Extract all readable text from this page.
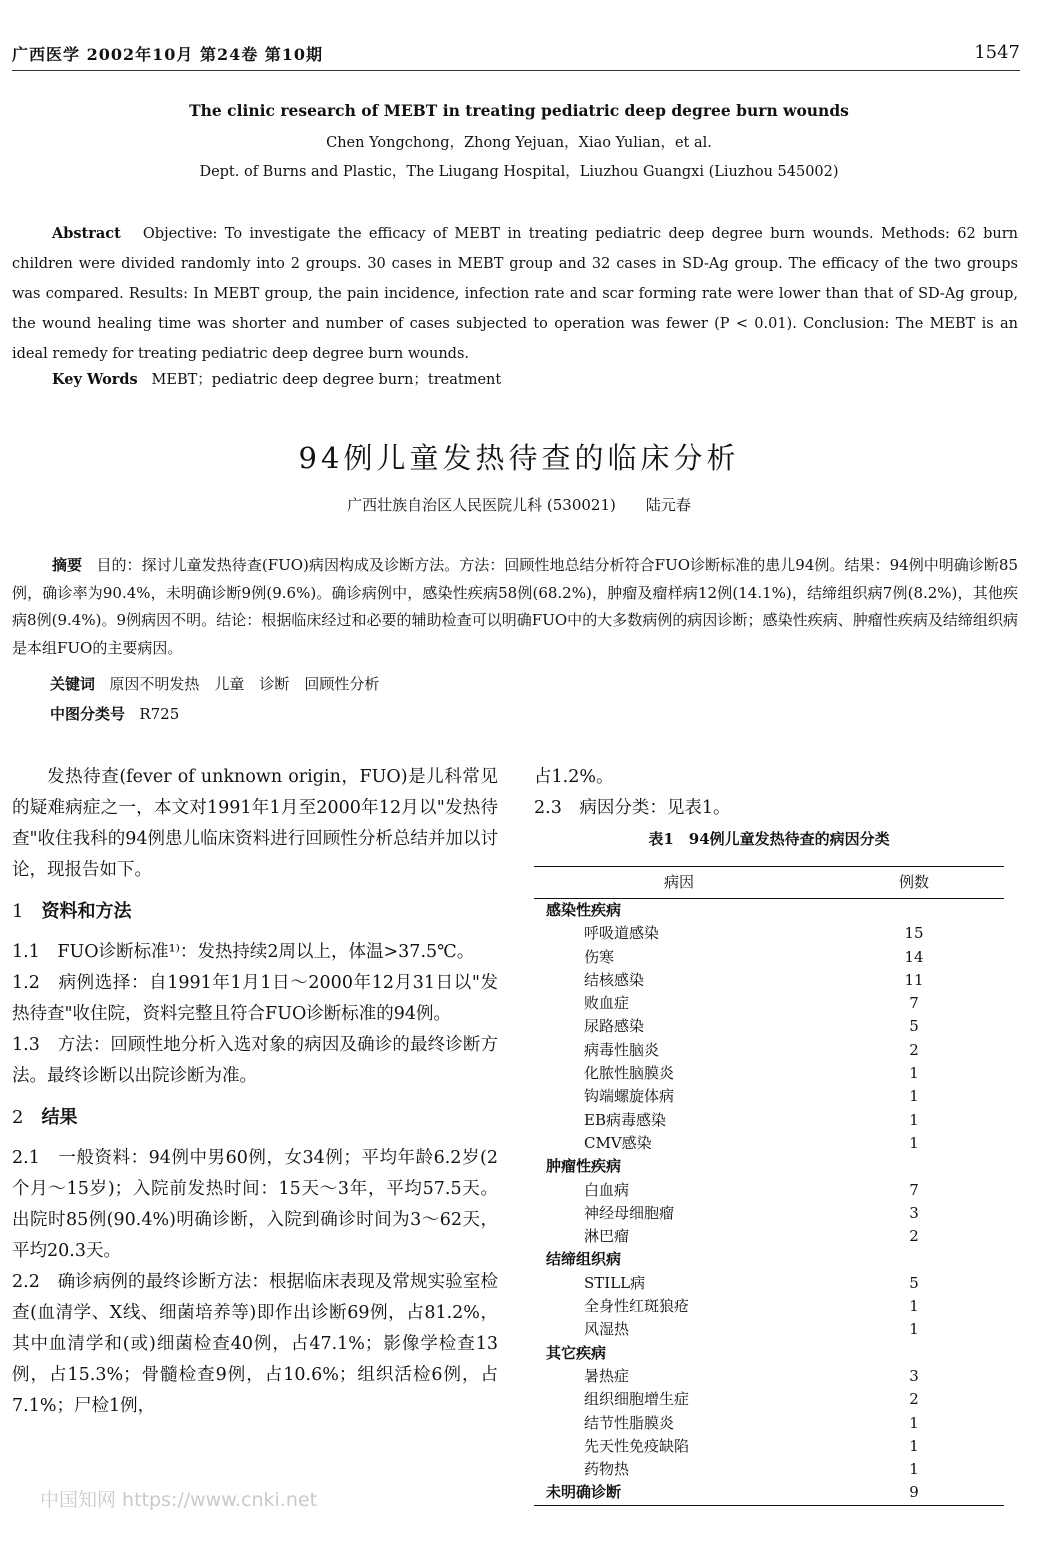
广西医学 2002年10月 第24卷 第10期	1547
The clinic research of MEBT in treating pediatric deep degree burn wounds
Chen Yongchong，Zhong Yejuan，Xiao Yulian，et al.
Dept. of Burns and Plastic，The Liugang Hospital，Liuzhou Guangxi (Liuzhou 545002)
Abstract Objective: To investigate the efficacy of MEBT in treating pediatric deep degree burn wounds. Methods: 62 burn children were divided randomly into 2 groups. 30 cases in MEBT group and 32 cases in SD-Ag group. The efficacy of the two groups was compared. Results: In MEBT group, the pain incidence, infection rate and scar forming rate were lower than that of SD-Ag group, the wound healing time was shorter and number of cases subjected to operation was fewer (P < 0.01). Conclusion: The MEBT is an ideal remedy for treating pediatric deep degree burn wounds.
Key Words MEBT；pediatric deep degree burn；treatment
94例儿童发热待查的临床分析
广西壮族自治区人民医院儿科 (530021)　　陆元春
摘要 目的：探讨儿童发热待查(FUO)病因构成及诊断方法。方法：回顾性地总结分析符合FUO诊断标准的患儿94例。结果：94例中明确诊断85例，确诊率为90.4%，未明确诊断9例(9.6%)。确诊病例中，感染性疾病58例(68.2%)，肿瘤及瘤样病12例(14.1%)，结缔组织病7例(8.2%)，其他疾病8例(9.4%)。9例病因不明。结论：根据临床经过和必要的辅助检查可以明确FUO中的大多数病例的病因诊断；感染性疾病、肿瘤性疾病及结缔组织病是本组FUO的主要病因。
关键词 原因不明发热　儿童　诊断　回顾性分析
中图分类号 R725

发热待查(fever of unknown origin，FUO)是儿科常见的疑难病症之一，本文对1991年1月至2000年12月以"发热待查"收住我科的94例患儿临床资料进行回顾性分析总结并加以讨论，现报告如下。

1 资料和方法

1.1　FUO诊断标准¹⁾：发热持续2周以上，体温>37.5℃。

1.2　病例选择：自1991年1月1日～2000年12月31日以"发热待查"收住院，资料完整且符合FUO诊断标准的94例。

1.3　方法：回顾性地分析入选对象的病因及确诊的最终诊断方法。最终诊断以出院诊断为准。

2 结果

2.1　一般资料：94例中男60例，女34例；平均年龄6.2岁(2个月～15岁)；入院前发热时间：15天～3年，平均57.5天。出院时85例(90.4%)明确诊断，入院到确诊时间为3～62天，平均20.3天。

2.2　确诊病例的最终诊断方法：根据临床表现及常规实验室检查(血清学、X线、细菌培养等)即作出诊断69例，占81.2%，其中血清学和(或)细菌检查40例，占47.1%；影像学检查13例，占15.3%；骨髓检查9例，占10.6%；组织活检6例，占7.1%；尸检1例，

占1.2%。

2.3　病因分类：见表1。

表1　94例儿童发热待查的病因分类
病因	例数
感染性疾病
呼吸道感染	15
伤寒	14
结核感染	11
败血症	7
尿路感染	5
病毒性脑炎	2
化脓性脑膜炎	1
钩端螺旋体病	1
EB病毒感染	1
CMV感染	1
肿瘤性疾病
白血病	7
神经母细胞瘤	3
淋巴瘤	2
结缔组织病
STILL病	5
全身性红斑狼疮	1
风湿热	1
其它疾病
暑热症	3
组织细胞增生症	2
结节性脂膜炎	1
先天性免疫缺陷	1
药物热	1
未明确诊断	9
中国知网 https://www.cnki.net
